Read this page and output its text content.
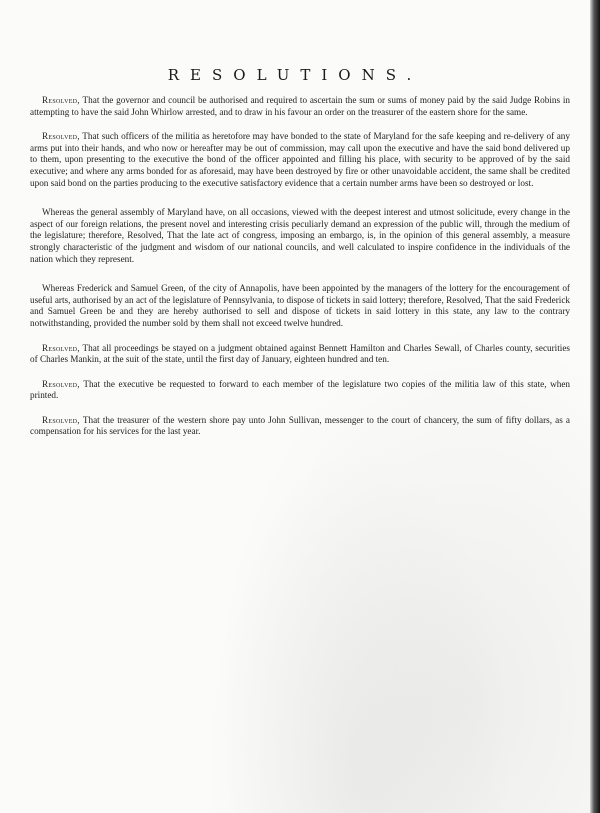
RESOLUTIONS.

Resolved, That the governor and council be authorised and required to ascertain the sum or sums of money paid by the said Judge Robins in attempting to have the said John Whirlow arrested, and to draw in his favour an order on the treasurer of the eastern shore for the same.

Resolved, That such officers of the militia as heretofore may have bonded to the state of Maryland for the safe keeping and re-delivery of any arms put into their hands, and who now or hereafter may be out of commission, may call upon the executive and have the said bond delivered up to them, upon presenting to the executive the bond of the officer appointed and filling his place, with security to be approved of by the said executive; and where any arms bonded for as aforesaid, may have been destroyed by fire or other unavoidable accident, the same shall be credited upon said bond on the parties producing to the executive satisfactory evidence that a certain number arms have been so destroyed or lost.

Whereas the general assembly of Maryland have, on all occasions, viewed with the deepest interest and utmost solicitude, every change in the aspect of our foreign relations, the present novel and interesting crisis peculiarly demand an expression of the public will, through the medium of the legislature; therefore, Resolved, That the late act of congress, imposing an embargo, is, in the opinion of this general assembly, a measure strongly characteristic of the judgment and wisdom of our national councils, and well calculated to inspire confidence in the individuals of the nation which they represent.

Whereas Frederick and Samuel Green, of the city of Annapolis, have been appointed by the managers of the lottery for the encouragement of useful arts, authorised by an act of the legislature of Pennsylvania, to dispose of tickets in said lottery; therefore, Resolved, That the said Frederick and Samuel Green be and they are hereby authorised to sell and dispose of tickets in said lottery in this state, any law to the contrary notwithstanding, provided the number sold by them shall not exceed twelve hundred.

Resolved, That all proceedings be stayed on a judgment obtained against Bennett Hamilton and Charles Sewall, of Charles county, securities of Charles Mankin, at the suit of the state, until the first day of January, eighteen hundred and ten.

Resolved, That the executive be requested to forward to each member of the legislature two copies of the militia law of this state, when printed.

Resolved, That the treasurer of the western shore pay unto John Sullivan, messenger to the court of chancery, the sum of fifty dollars, as a compensation for his services for the last year.
